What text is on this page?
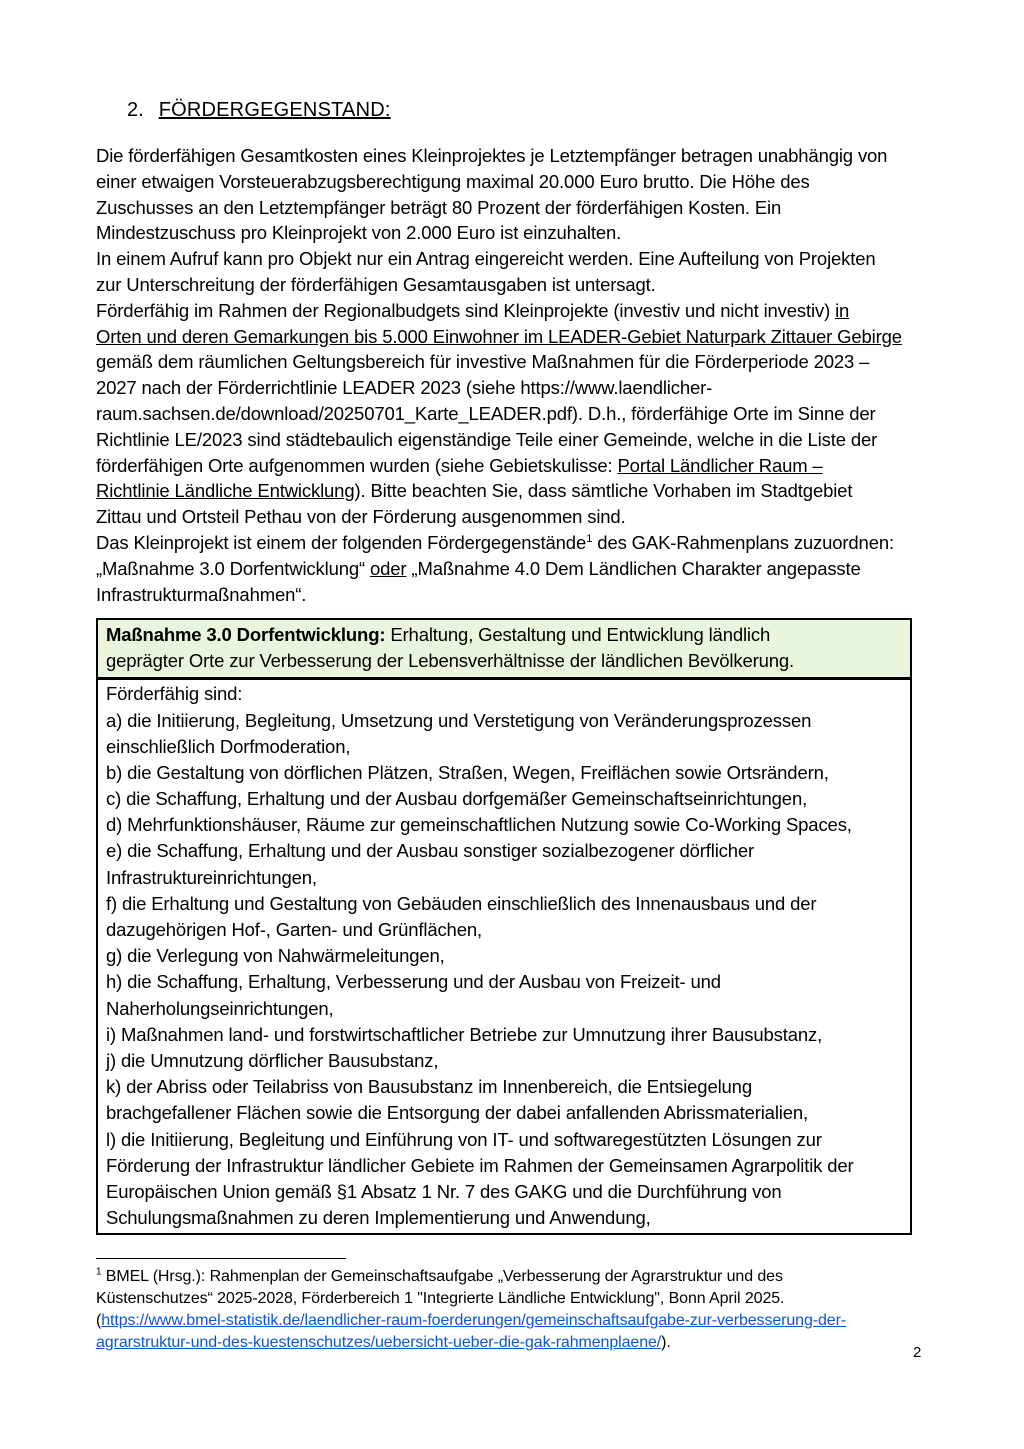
2. FÖRDERGEGENSTAND:
Die förderfähigen Gesamtkosten eines Kleinprojektes je Letztempfänger betragen unabhängig von
einer etwaigen Vorsteuerabzugsberechtigung maximal 20.000 Euro brutto. Die Höhe des
Zuschusses an den Letztempfänger beträgt 80 Prozent der förderfähigen Kosten. Ein
Mindestzuschuss pro Kleinprojekt von 2.000 Euro ist einzuhalten.
In einem Aufruf kann pro Objekt nur ein Antrag eingereicht werden. Eine Aufteilung von Projekten
zur Unterschreitung der förderfähigen Gesamtausgaben ist untersagt.
Förderfähig im Rahmen der Regionalbudgets sind Kleinprojekte (investiv und nicht investiv) in
Orten und deren Gemarkungen bis 5.000 Einwohner im LEADER-Gebiet Naturpark Zittauer Gebirge
gemäß dem räumlichen Geltungsbereich für investive Maßnahmen für die Förderperiode 2023 –
2027 nach der Förderrichtlinie LEADER 2023 (siehe https://www.laendlicher-
raum.sachsen.de/download/20250701_Karte_LEADER.pdf). D.h., förderfähige Orte im Sinne der
Richtlinie LE/2023 sind städtebaulich eigenständige Teile einer Gemeinde, welche in die Liste der
förderfähigen Orte aufgenommen wurden (siehe Gebietskulisse: Portal Ländlicher Raum –
Richtlinie Ländliche Entwicklung). Bitte beachten Sie, dass sämtliche Vorhaben im Stadtgebiet
Zittau und Ortsteil Pethau von der Förderung ausgenommen sind.
Das Kleinprojekt ist einem der folgenden Fördergegenstände$^1$ des GAK-Rahmenplans zuzuordnen:
„Maßnahme 3.0 Dorfentwicklung“ oder „Maßnahme 4.0 Dem Ländlichen Charakter angepasste
Infrastrukturmaßnahmen“.
Maßnahme 3.0 Dorfentwicklung: Erhaltung, Gestaltung und Entwicklung ländlich
geprägter Orte zur Verbesserung der Lebensverhältnisse der ländlichen Bevölkerung.
Förderfähig sind:
a) die Initiierung, Begleitung, Umsetzung und Verstetigung von Veränderungsprozessen
einschließlich Dorfmoderation,
b) die Gestaltung von dörflichen Plätzen, Straßen, Wegen, Freiflächen sowie Ortsrändern,
c) die Schaffung, Erhaltung und der Ausbau dorfgemäßer Gemeinschaftseinrichtungen,
d) Mehrfunktionshäuser, Räume zur gemeinschaftlichen Nutzung sowie Co-Working Spaces,
e) die Schaffung, Erhaltung und der Ausbau sonstiger sozialbezogener dörflicher
Infrastruktureinrichtungen,
f) die Erhaltung und Gestaltung von Gebäuden einschließlich des Innenausbaus und der
dazugehörigen Hof-, Garten- und Grünflächen,
g) die Verlegung von Nahwärmeleitungen,
h) die Schaffung, Erhaltung, Verbesserung und der Ausbau von Freizeit- und
Naherholungseinrichtungen,
i) Maßnahmen land- und forstwirtschaftlicher Betriebe zur Umnutzung ihrer Bausubstanz,
j) die Umnutzung dörflicher Bausubstanz,
k) der Abriss oder Teilabriss von Bausubstanz im Innenbereich, die Entsiegelung
brachgefallener Flächen sowie die Entsorgung der dabei anfallenden Abrissmaterialien,
l) die Initiierung, Begleitung und Einführung von IT- und softwaregestützten Lösungen zur
Förderung der Infrastruktur ländlicher Gebiete im Rahmen der Gemeinsamen Agrarpolitik der
Europäischen Union gemäß §1 Absatz 1 Nr. 7 des GAKG und die Durchführung von
Schulungsmaßnahmen zu deren Implementierung und Anwendung,
$^1$ BMEL (Hrsg.): Rahmenplan der Gemeinschaftsaufgabe „Verbesserung der Agrarstruktur und des
Küstenschutzes“ 2025-2028, Förderbereich 1 "Integrierte Ländliche Entwicklung", Bonn April 2025.
(https://www.bmel-statistik.de/laendlicher-raum-foerderungen/gemeinschaftsaufgabe-zur-verbesserung-der-
agrarstruktur-und-des-kuestenschutzes/uebersicht-ueber-die-gak-rahmenplaene/).
2
